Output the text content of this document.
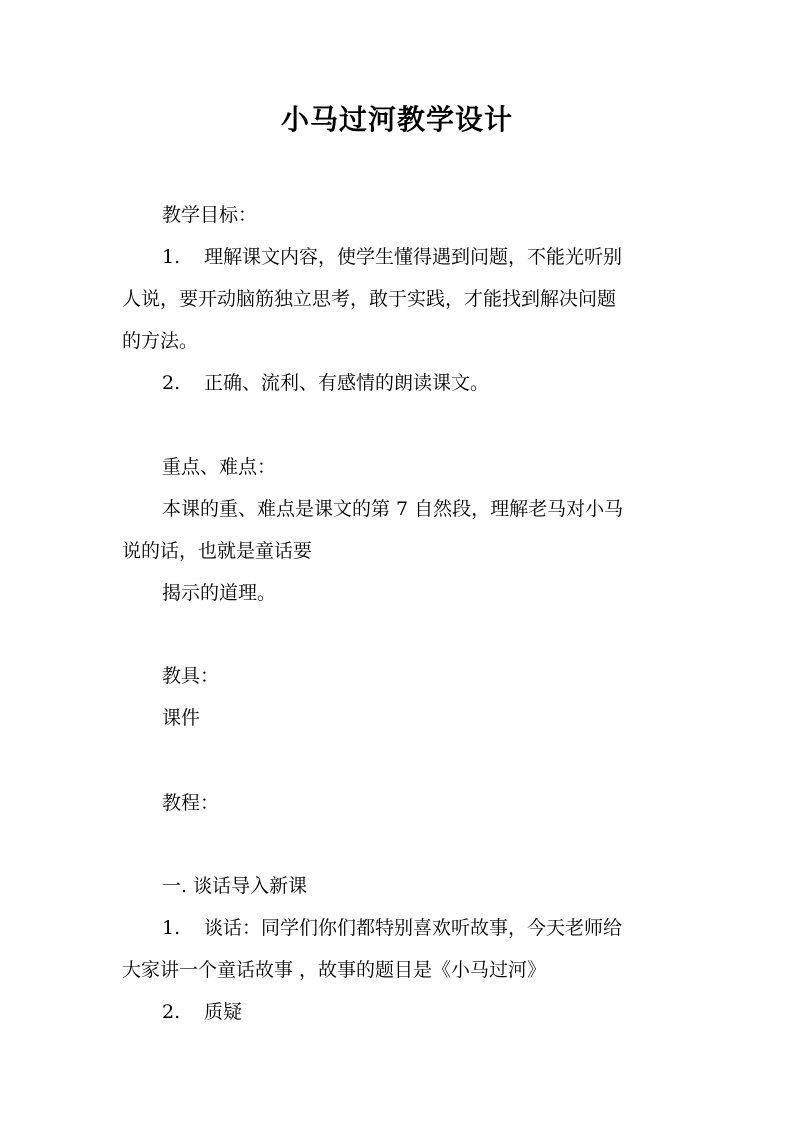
小马过河教学设计

教学目标：

1. 理解课文内容，使学生懂得遇到问题，不能光听别

人说，要开动脑筋独立思考，敢于实践，才能找到解决问题

的方法。

2. 正确、流利、有感情的朗读课文。

重点、难点：

本课的重、难点是课文的第 7 自然段，理解老马对小马

说的话，也就是童话要

揭示的道理。

教具：

课件

教程：

一. 谈话导入新课

1. 谈话：同学们你们都特别喜欢听故事，今天老师给

大家讲一个童话故事 ，故事的题目是《小马过河》

2. 质疑
